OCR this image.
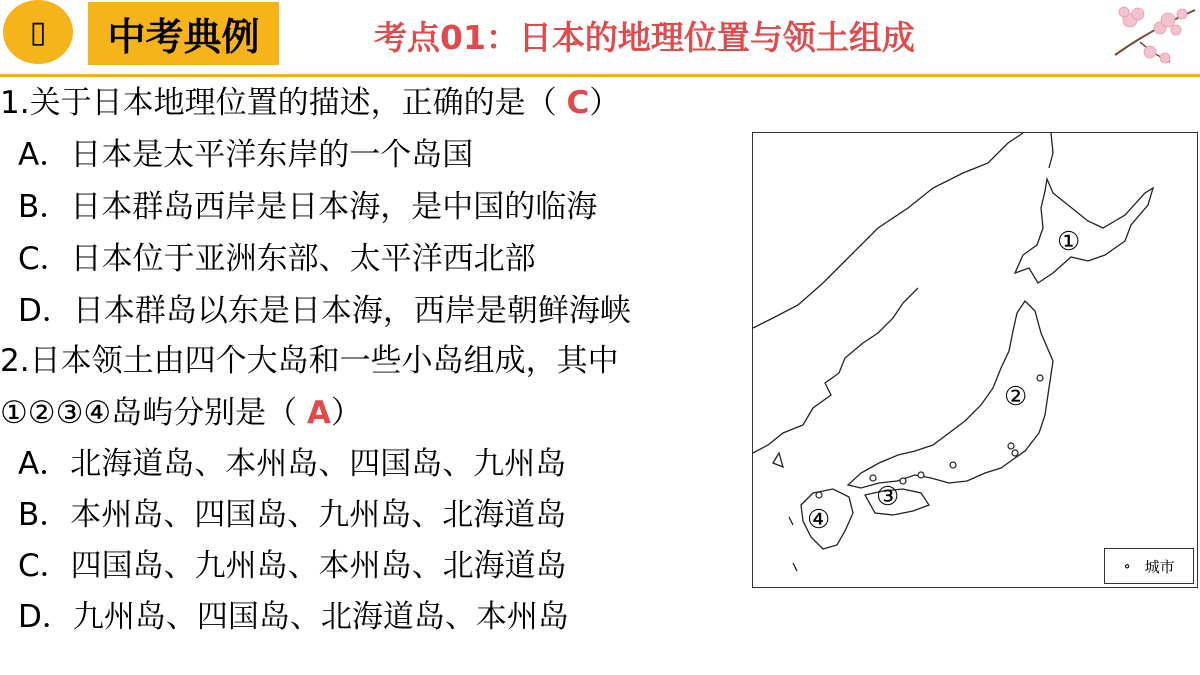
▯	中考典例	考点01：日本的地理位置与领土组成
1.关于日本地理位置的描述，正确的是（ C）
A．日本是太平洋东岸的一个岛国
B．日本群岛西岸是日本海，是中国的临海
C．日本位于亚洲东部、太平洋西北部
D．日本群岛以东是日本海，西岸是朝鲜海峡
2.日本领土由四个大岛和一些小岛组成，其中
①②③④岛屿分别是（ A）
A．北海道岛、本州岛、四国岛、九州岛
B．本州岛、四国岛、九州岛、北海道岛
C．四国岛、九州岛、本州岛、北海道岛
D．九州岛、四国岛、北海道岛、本州岛
①
②
③
④
∘ 城市
